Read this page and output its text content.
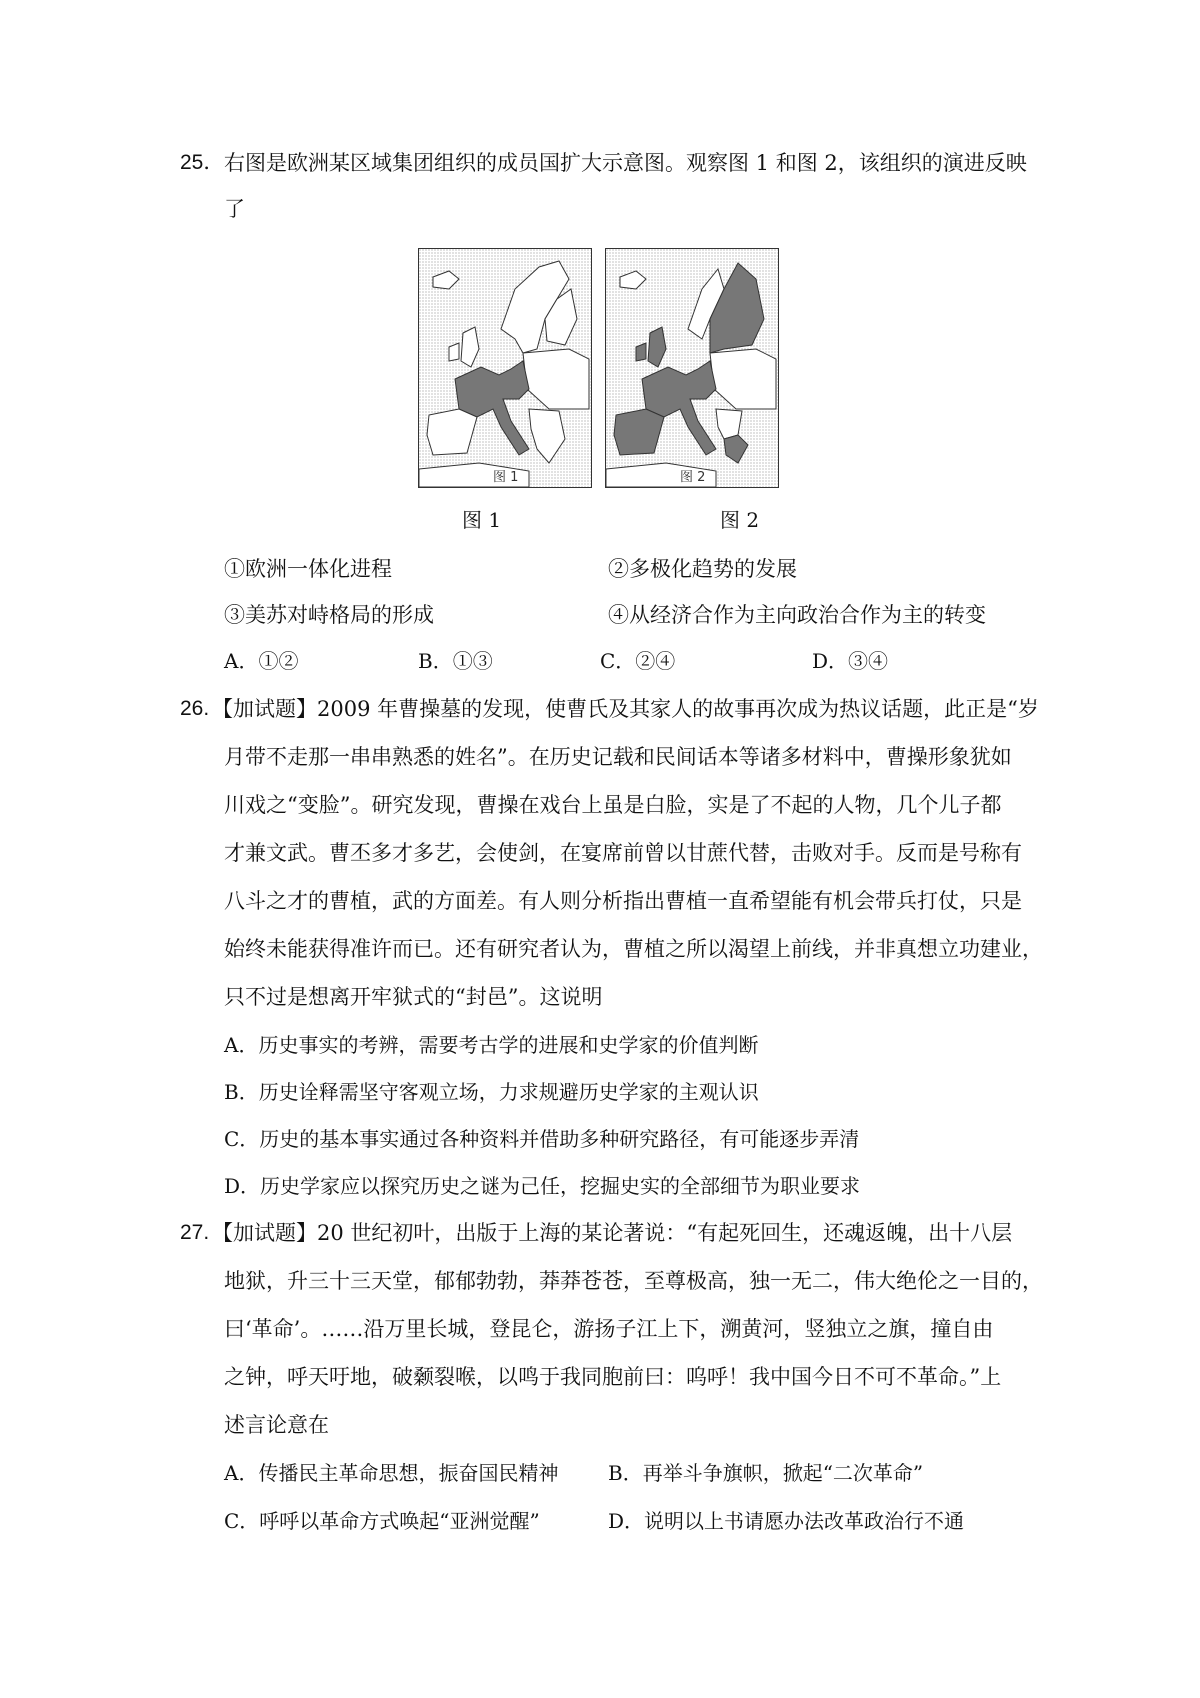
25． 右图是欧洲某区域集团组织的成员国扩大示意图。观察图 1 和图 2，该组织的演进反映
了
图 1	图 2
图 1	图 2
①欧洲一体化进程	②多极化趋势的发展
③美苏对峙格局的形成	④从经济合作为主向政治合作为主的转变
A．①②	B．①③	C．②④	D．③④
26. 【加试题】2009 年曹操墓的发现，使曹氏及其家人的故事再次成为热议话题，此正是“岁
月带不走那一串串熟悉的姓名”。在历史记载和民间话本等诸多材料中，曹操形象犹如
川戏之“变脸”。研究发现，曹操在戏台上虽是白脸，实是了不起的人物，几个儿子都
才兼文武。曹丕多才多艺，会使剑，在宴席前曾以甘蔗代替，击败对手。反而是号称有
八斗之才的曹植，武的方面差。有人则分析指出曹植一直希望能有机会带兵打仗，只是
始终未能获得准许而已。还有研究者认为，曹植之所以渴望上前线，并非真想立功建业，
只不过是想离开牢狱式的“封邑”。这说明
A．历史事实的考辨，需要考古学的进展和史学家的价值判断
B．历史诠释需坚守客观立场，力求规避历史学家的主观认识
C．历史的基本事实通过各种资料并借助多种研究路径，有可能逐步弄清
D．历史学家应以探究历史之谜为己任，挖掘史实的全部细节为职业要求
27. 【加试题】20 世纪初叶，出版于上海的某论著说：“有起死回生，还魂返魄，出十八层
地狱，升三十三天堂，郁郁勃勃，莽莽苍苍，至尊极高，独一无二，伟大绝伦之一目的，
曰‘革命’。……沿万里长城，登昆仑，游扬子江上下，溯黄河，竖独立之旗，撞自由
之钟，呼天吁地，破颡裂喉，以鸣于我同胞前曰：呜呼！我中国今日不可不革命。”上
述言论意在
A．传播民主革命思想，振奋国民精神 B．再举斗争旗帜，掀起“二次革命”
C．呼呼以革命方式唤起“亚洲觉醒”	D．说明以上书请愿办法改革政治行不通
